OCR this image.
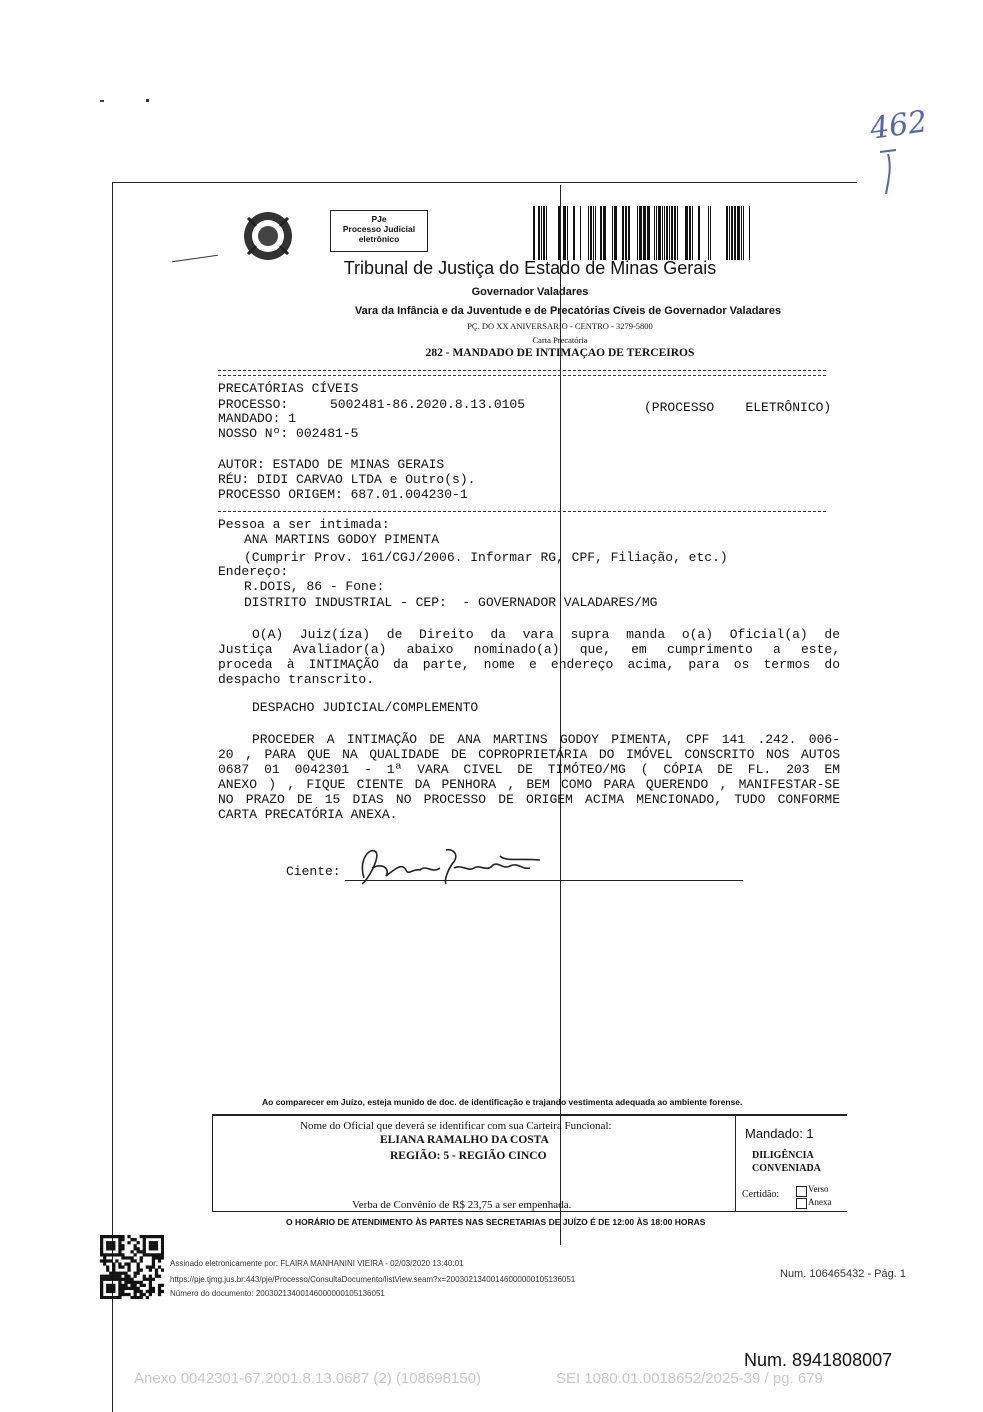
462
PJe
Processo Judicial
eletrônico
Tribunal de Justiça do Estado de Minas Gerais
Governador Valadares
Vara da Infância e da Juventude e de Precatórias Cíveis de Governador Valadares
PÇ. DO XX ANIVERSARIO - CENTRO - 3279-5800
Carta Precatória
282 - MANDADO DE INTIMAÇAO DE TERCEIROS
PRECATÓRIAS CÍVEIS
PROCESSO:	5002481-86.2020.8.13.0105	(PROCESSO    ELETRÔNICO)
MANDADO: 1
NOSSO Nº: 002481-5
AUTOR: ESTADO DE MINAS GERAIS
RÉU: DIDI CARVAO LTDA e Outro(s).
PROCESSO ORIGEM: 687.01.004230-1
Pessoa a ser intimada:
ANA MARTINS GODOY PIMENTA
(Cumprir Prov. 161/CGJ/2006. Informar RG, CPF, Filiação, etc.)
Endereço:
R.DOIS, 86 - Fone:
DISTRITO INDUSTRIAL - CEP:  - GOVERNADOR VALADARES/MG
O(A) Juiz(íza) de Direito da vara supra manda o(a) Oficial(a) de
Justiça Avaliador(a) abaixo nominado(a) que, em cumprimento a este,
proceda à INTIMAÇÃO da parte, nome e endereço acima, para os termos do
despacho transcrito.
DESPACHO JUDICIAL/COMPLEMENTO
PROCEDER A INTIMAÇÃO DE ANA MARTINS GODOY PIMENTA, CPF 141 .242. 006-
20 , PARA QUE NA QUALIDADE DE COPROPRIETÁRIA DO IMÓVEL CONSCRITO NOS AUTOS
0687 01 0042301 - 1ª VARA CIVEL DE TIMÓTEO/MG ( CÓPIA DE FL. 203 EM
ANEXO ) , FIQUE CIENTE DA PENHORA , BEM COMO PARA QUERENDO , MANIFESTAR-SE
NO PRAZO DE 15 DIAS NO PROCESSO DE ORIGEM ACIMA MENCIONADO, TUDO CONFORME
CARTA PRECATÓRIA ANEXA.
Ciente:
Ao comparecer em Juízo, esteja munido de doc. de identificação e trajando vestimenta adequada ao ambiente forense.
Nome do Oficial que deverá se identificar com sua Carteira Funcional:
ELIANA RAMALHO DA COSTA
REGIÃO: 5 - REGIÃO CINCO
Verba de Convênio de R$ 23,75 a ser empenhada.
Mandado: 1
DILIGÊNCIA
CONVENIADA
Certidão:	Verso
Anexa
O HORÁRIO DE ATENDIMENTO ÀS PARTES NAS SECRETARIAS DE JUÍZO É DE 12:00 ÀS 18:00 HORAS
Assinado eletronicamente por: FLAIRA MANHANINI VIEIRA - 02/03/2020 13:40:01
https://pje.tjmg.jus.br:443/pje/Processo/ConsultaDocumento/listView.seam?x=20030213400146000000105136051
Número do documento: 20030213400146000000105136051
Num. 106465432 - Pág. 1
Num. 8941808007
Anexo 0042301-67.2001.8.13.0687 (2) (108698150)	SEI 1080.01.0018652/2025-39 / pg. 679
